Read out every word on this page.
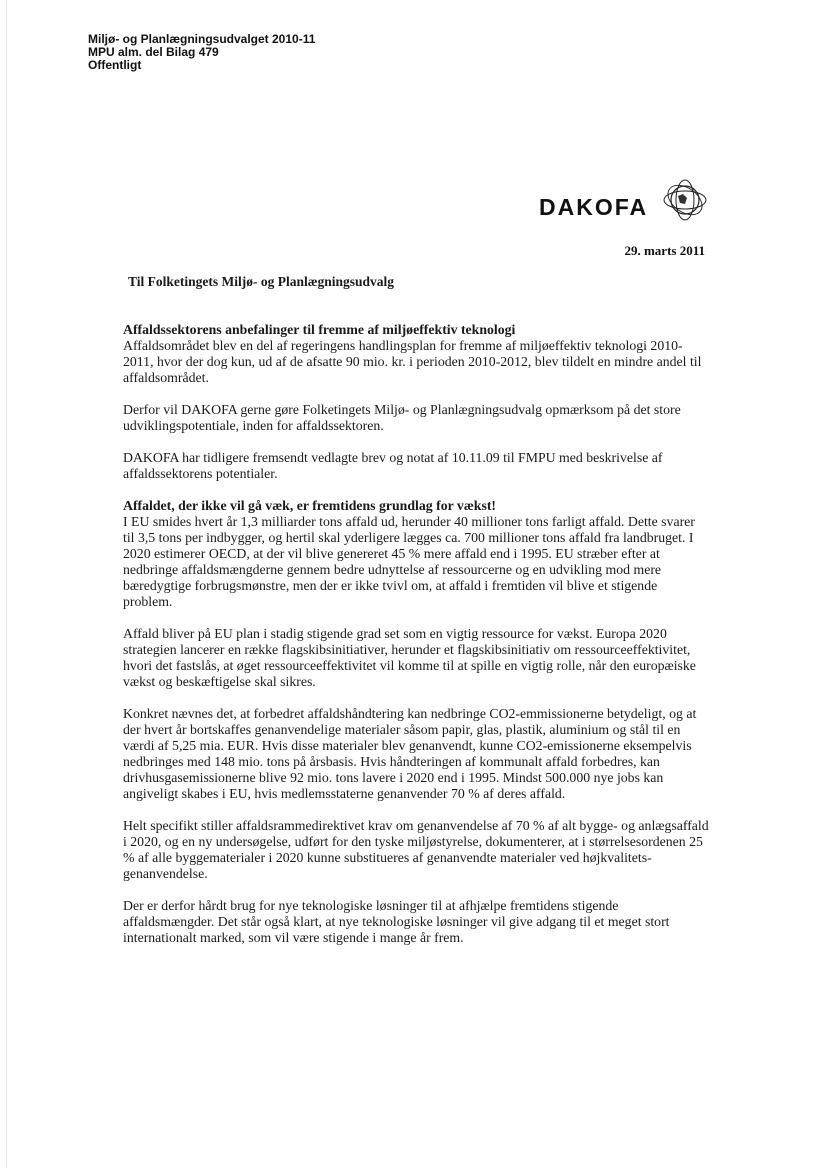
Miljø- og Planlægningsudvalget 2010-11
MPU alm. del Bilag 479
Offentligt
DAKOFA
29. marts 2011
Til Folketingets Miljø- og Planlægningsudvalg

Affaldssektorens anbefalinger til fremme af miljøeffektiv teknologi

Affaldsområdet blev en del af regeringens handlingsplan for fremme af miljøeffektiv teknologi 2010-2011, hvor der dog kun, ud af de afsatte 90 mio. kr. i perioden 2010-2012, blev tildelt en mindre andel til affaldsområdet.

Derfor vil DAKOFA gerne gøre Folketingets Miljø- og Planlægningsudvalg opmærksom på det store udviklingspotentiale, inden for affaldssektoren.

DAKOFA har tidligere fremsendt vedlagte brev og notat af 10.11.09 til FMPU med beskrivelse af affaldssektorens potentialer.

Affaldet, der ikke vil gå væk, er fremtidens grundlag for vækst!

I EU smides hvert år 1,3 milliarder tons affald ud, herunder 40 millioner tons farligt affald. Dette svarer til 3,5 tons per indbygger, og hertil skal yderligere lægges ca. 700 millioner tons affald fra landbruget. I 2020 estimerer OECD, at der vil blive genereret 45 % mere affald end i 1995. EU stræber efter at nedbringe affaldsmængderne gennem bedre udnyttelse af ressourcerne og en udvikling mod mere bæredygtige forbrugsmønstre, men der er ikke tvivl om, at affald i fremtiden vil blive et stigende problem.

Affald bliver på EU plan i stadig stigende grad set som en vigtig ressource for vækst. Europa 2020 strategien lancerer en række flagskibsinitiativer, herunder et flagskibsinitiativ om ressourceeffektivitet, hvori det fastslås, at øget ressourceeffektivitet vil komme til at spille en vigtig rolle, når den europæiske vækst og beskæftigelse skal sikres.

Konkret nævnes det, at forbedret affaldshåndtering kan nedbringe CO2-emmissionerne betydeligt, og at der hvert år bortskaffes genanvendelige materialer såsom papir, glas, plastik, aluminium og stål til en værdi af 5,25 mia. EUR. Hvis disse materialer blev genanvendt, kunne CO2-emissionerne eksempelvis nedbringes med 148 mio. tons på årsbasis. Hvis håndteringen af kommunalt affald forbedres, kan drivhusgasemissionerne blive 92 mio. tons lavere i 2020 end i 1995. Mindst 500.000 nye jobs kan angiveligt skabes i EU, hvis medlemsstaterne genanvender 70 % af deres affald.

Helt specifikt stiller affaldsrammedirektivet krav om genanvendelse af 70 % af alt bygge- og anlægsaffald i 2020, og en ny undersøgelse, udført for den tyske miljøstyrelse, dokumenterer, at i størrelsesordenen 25 % af alle byggematerialer i 2020 kunne substitueres af genanvendte materialer ved højkvalitets-genanvendelse.

Der er derfor hårdt brug for nye teknologiske løsninger til at afhjælpe fremtidens stigende affaldsmængder. Det står også klart, at nye teknologiske løsninger vil give adgang til et meget stort internationalt marked, som vil være stigende i mange år frem.
